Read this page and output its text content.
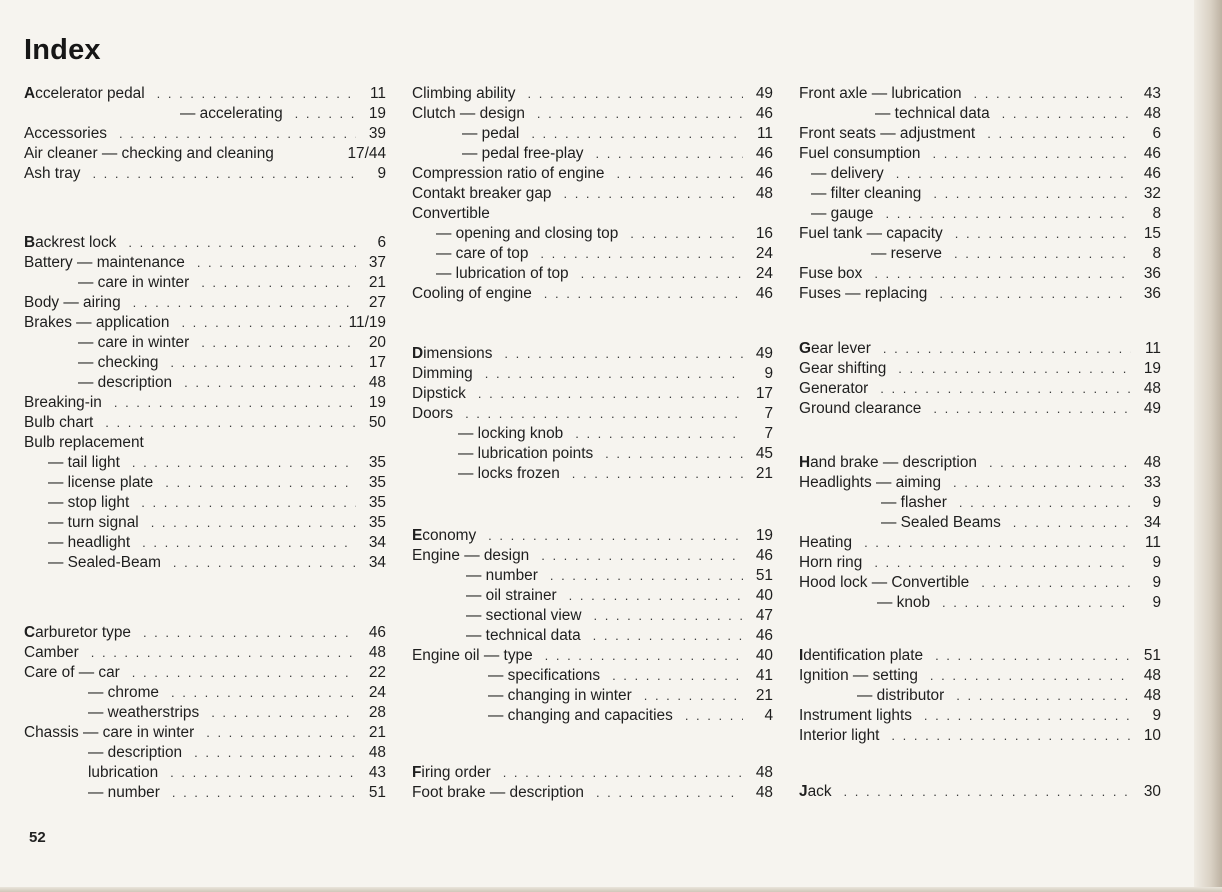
Index
Accelerator pedal . . .	11
— accelerating . . .	19
Accessories . . .	39
Air cleaner — checking and cleaning	17/44
Ash tray . . .	9
Backrest lock . . .	6
Battery — maintenance . . .	37
— care in winter . . .	21
Body — airing . . .	27
Brakes — application . . .	11/19
— care in winter . . .	20
— checking . . .	17
— description . . .	48
Breaking-in . . .	19
Bulb chart . . .	50
Bulb replacement
— tail light . . .	35
— license plate . . .	35
— stop light . . .	35
— turn signal . . .	35
— headlight . . .	34
— Sealed-Beam . . .	34
Carburetor type . . .	46
Camber . . .	48
Care of — car . . .	22
— chrome . . .	24
— weatherstrips . . .	28
Chassis — care in winter . . .	21
— description . . .	48
lubrication . . .	43
— number . . .	51
Climbing ability . . .	49
Clutch — design . . .	46
— pedal . . .	11
— pedal free-play . . .	46
Compression ratio of engine . . .	46
Contakt breaker gap . . .	48
Convertible
— opening and closing top . . .	16
— care of top . . .	24
— lubrication of top . . .	24
Cooling of engine . . .	46
Dimensions . . .	49
Dimming . . .	9
Dipstick . . .	17
Doors . . .	7
— locking knob . . .	7
— lubrication points . . .	45
— locks frozen . . .	21
Economy . . .	19
Engine — design . . .	46
— number . . .	51
— oil strainer . . .	40
— sectional view . . .	47
— technical data . . .	46
Engine oil — type . . .	40
— specifications . . .	41
— changing in winter . . .	21
— changing and capacities . . .	4
Firing order . . .	48
Foot brake — description . . .	48
Front axle — lubrication . . .	43
— technical data . . .	48
Front seats — adjustment . . .	6
Fuel consumption . . .	46
— delivery . . .	46
— filter cleaning . . .	32
— gauge . . .	8
Fuel tank — capacity . . .	15
— reserve . . .	8
Fuse box . . .	36
Fuses — replacing . . .	36
Gear lever . . .	11
Gear shifting . . .	19
Generator . . .	48
Ground clearance . . .	49
Hand brake — description . . .	48
Headlights — aiming . . .	33
— flasher . . .	9
— Sealed Beams . . .	34
Heating . . .	11
Horn ring . . .	9
Hood lock — Convertible . . .	9
— knob . . .	9
Identification plate . . .	51
Ignition — setting . . .	48
— distributor . . .	48
Instrument lights . . .	9
Interior light . . .	10
Jack . . .	30
52
